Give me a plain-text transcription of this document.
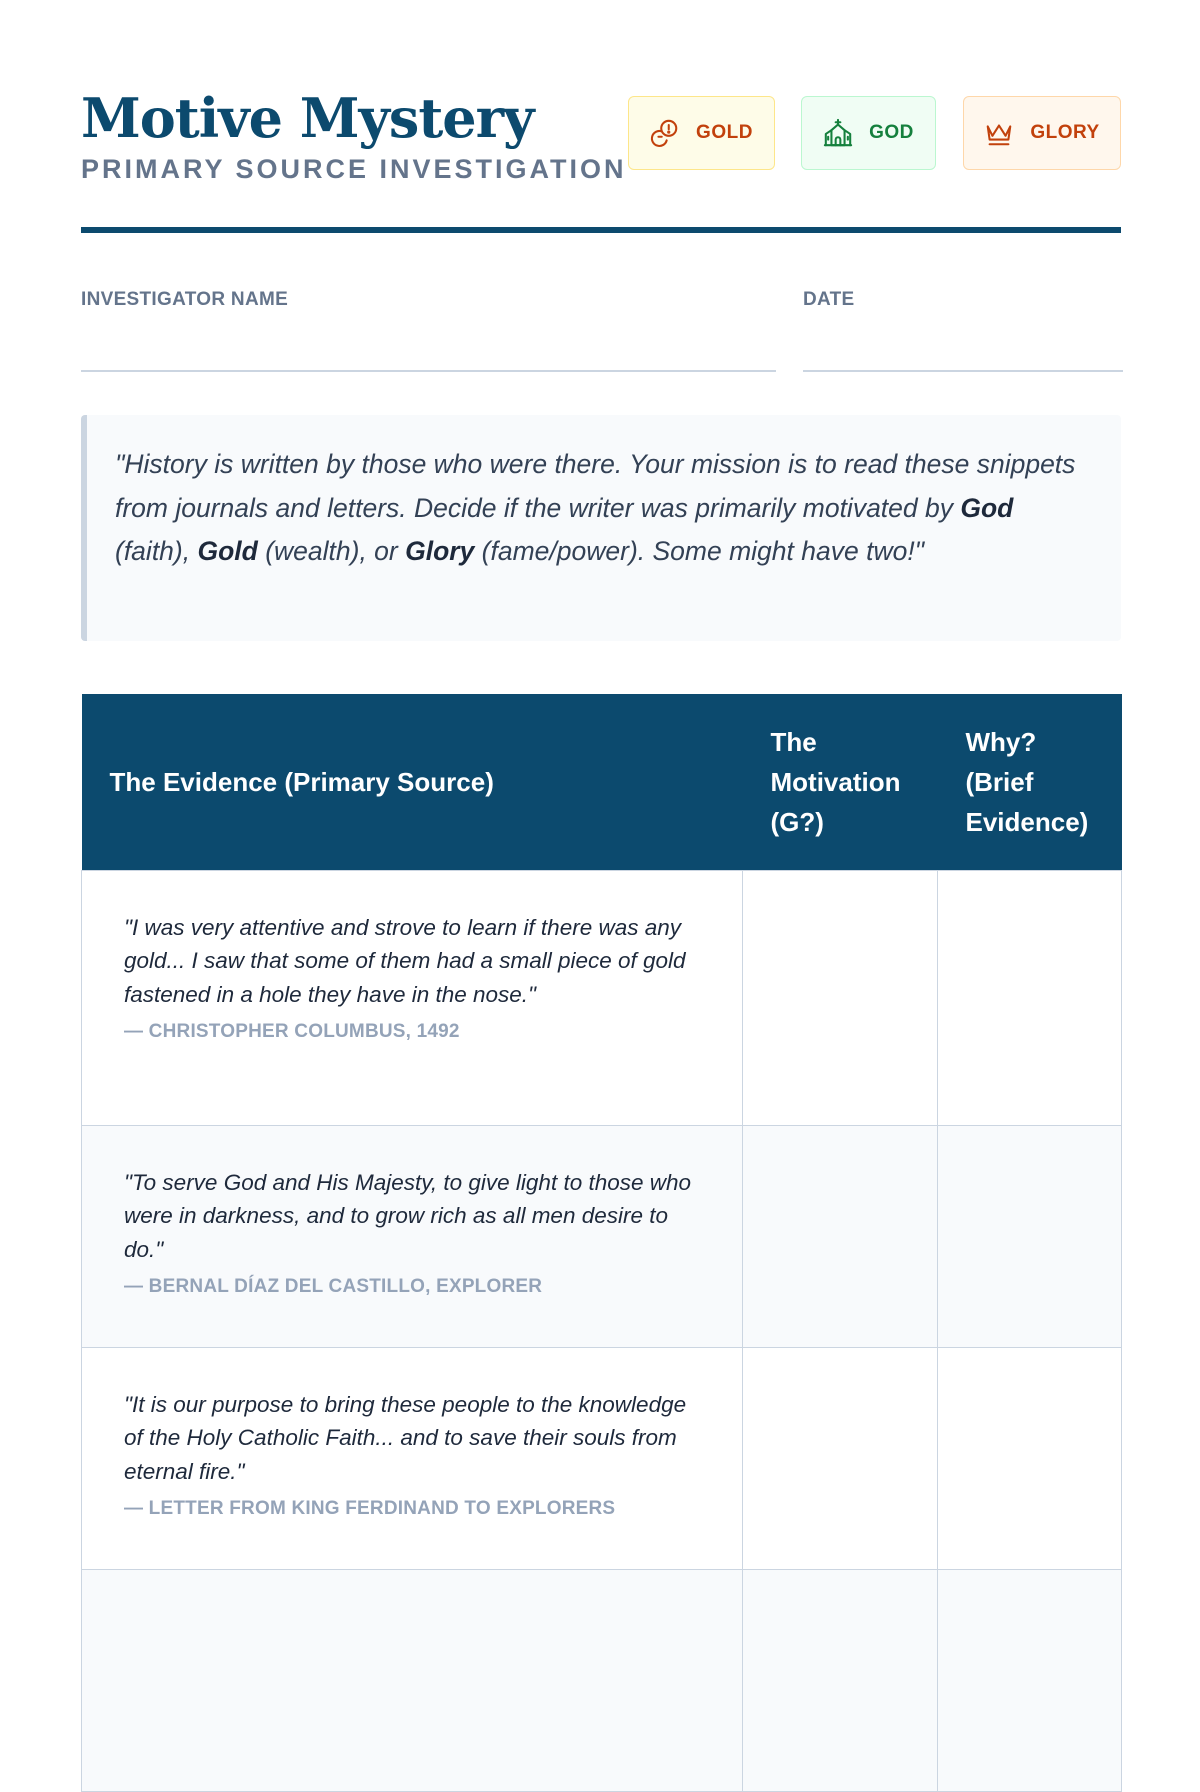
Motive Mystery
PRIMARY SOURCE INVESTIGATION
GOLD	GOD	GLORY
INVESTIGATOR NAME	DATE
"History is written by those who were there. Your mission is to read these snippets from journals and letters. Decide if the writer was primarily motivated by God (faith), Gold (wealth), or Glory (fame/power). Some might have two!"
The Evidence (Primary Source)	The Motivation (G?)	Why? (Brief Evidence)

"I was very attentive and strove to learn if there was any gold... I saw that some of them had a small piece of gold fastened in a hole they have in the nose."
— CHRISTOPHER COLUMBUS, 1492		

"To serve God and His Majesty, to give light to those who were in darkness, and to grow rich as all men desire to do."
— BERNAL DÍAZ DEL CASTILLO, EXPLORER		

"It is our purpose to bring these people to the knowledge of the Holy Catholic Faith... and to save their souls from eternal fire."
— LETTER FROM KING FERDINAND TO EXPLORERS		
